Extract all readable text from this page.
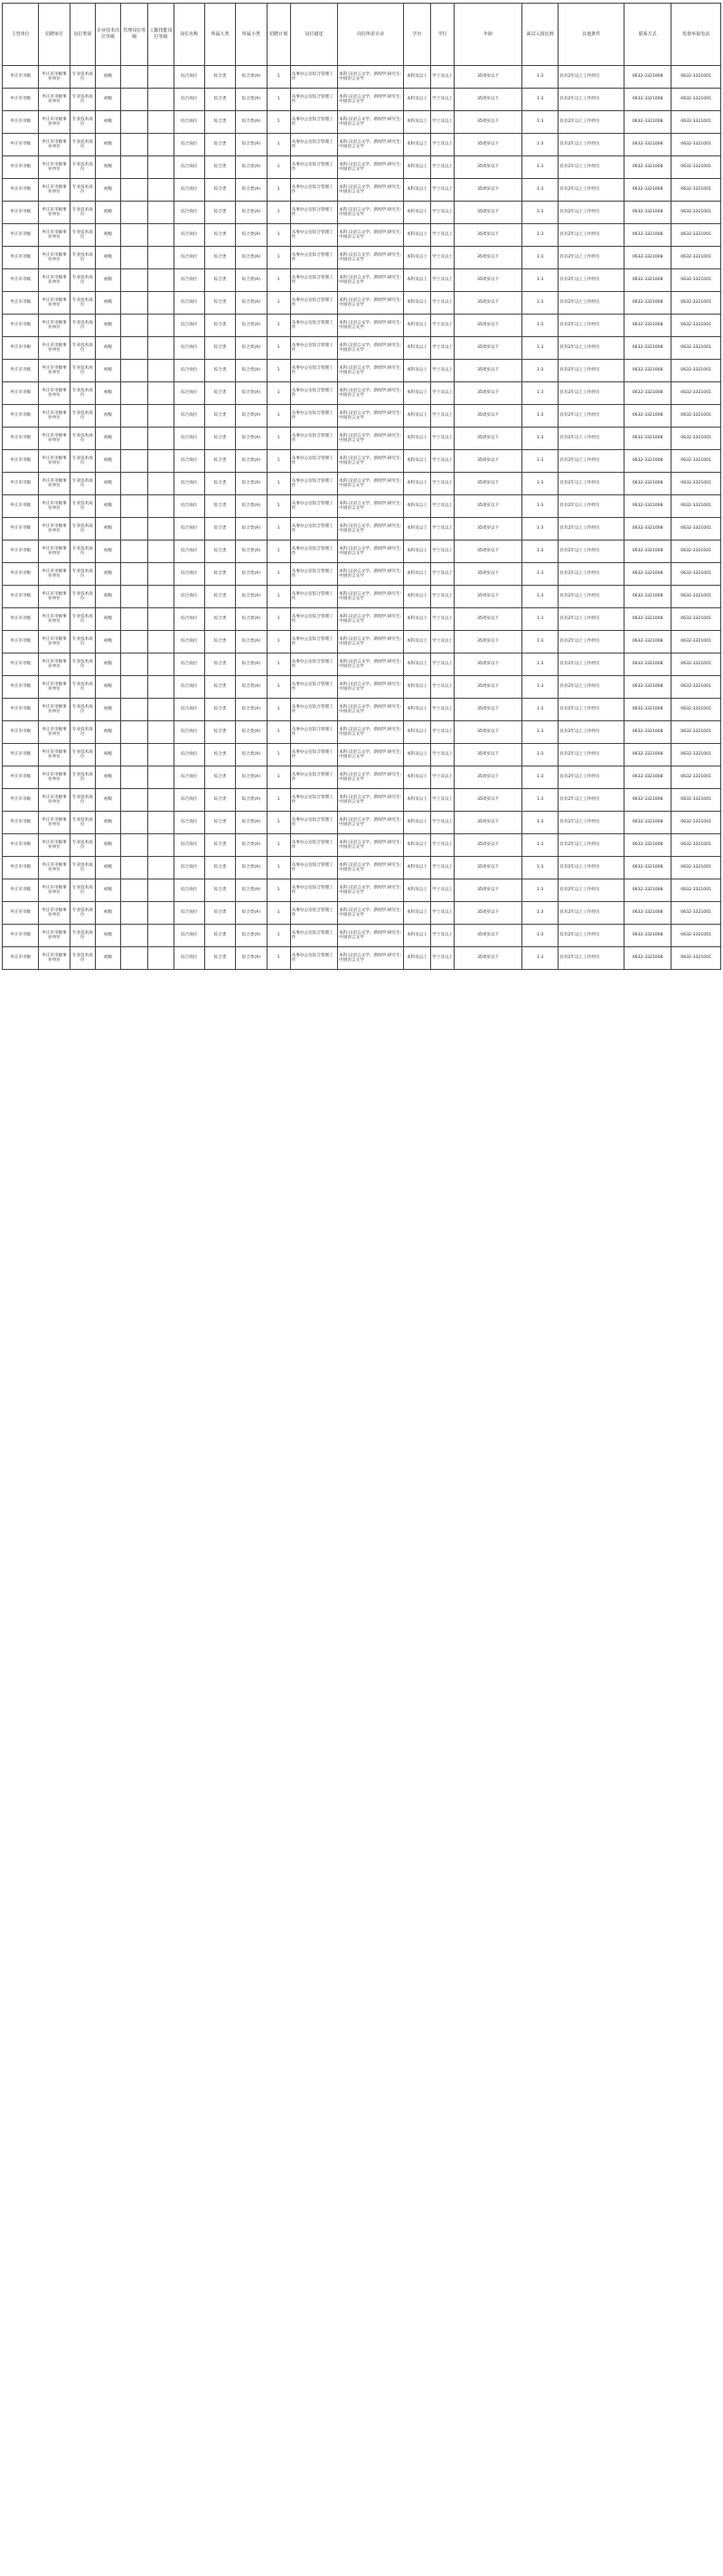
主管单位	招聘单位	岗位类别	专业技术岗位等级	管理岗位等级	工勤技能岗位等级	岗位名称	所属大类	所属小类	招聘计划	岗位描述	岗位所需专业	学历	学位	年龄	面试入围比例	其他条件	联系方式	监督举报电话
枣庄市市级	枣庄市市级事业单位	专业技术岗位	初级			综合岗位	综合类	综合类(A)	1	从事办公室综合管理工作	本科:汉语言文学、新闻学;研究生:中国语言文学	本科及以上	学士及以上	35周岁以下	1:3	具有2年以上工作经历	0632-3321008	0632-3321001
枣庄市市级	枣庄市市级事业单位	专业技术岗位	初级			综合岗位	综合类	综合类(A)	1	从事办公室综合管理工作	本科:汉语言文学、新闻学;研究生:中国语言文学	本科及以上	学士及以上	35周岁以下	1:3	具有2年以上工作经历	0632-3321008	0632-3321001
枣庄市市级	枣庄市市级事业单位	专业技术岗位	初级			综合岗位	综合类	综合类(A)	1	从事办公室综合管理工作	本科:汉语言文学、新闻学;研究生:中国语言文学	本科及以上	学士及以上	35周岁以下	1:3	具有2年以上工作经历	0632-3321008	0632-3321001
枣庄市市级	枣庄市市级事业单位	专业技术岗位	初级			综合岗位	综合类	综合类(A)	1	从事办公室综合管理工作	本科:汉语言文学、新闻学;研究生:中国语言文学	本科及以上	学士及以上	35周岁以下	1:3	具有2年以上工作经历	0632-3321008	0632-3321001
枣庄市市级	枣庄市市级事业单位	专业技术岗位	初级			综合岗位	综合类	综合类(A)	1	从事办公室综合管理工作	本科:汉语言文学、新闻学;研究生:中国语言文学	本科及以上	学士及以上	35周岁以下	1:3	具有2年以上工作经历	0632-3321008	0632-3321001
枣庄市市级	枣庄市市级事业单位	专业技术岗位	初级			综合岗位	综合类	综合类(A)	1	从事办公室综合管理工作	本科:汉语言文学、新闻学;研究生:中国语言文学	本科及以上	学士及以上	35周岁以下	1:3	具有2年以上工作经历	0632-3321008	0632-3321001
枣庄市市级	枣庄市市级事业单位	专业技术岗位	初级			综合岗位	综合类	综合类(A)	1	从事办公室综合管理工作	本科:汉语言文学、新闻学;研究生:中国语言文学	本科及以上	学士及以上	35周岁以下	1:3	具有2年以上工作经历	0632-3321008	0632-3321001
枣庄市市级	枣庄市市级事业单位	专业技术岗位	初级			综合岗位	综合类	综合类(A)	1	从事办公室综合管理工作	本科:汉语言文学、新闻学;研究生:中国语言文学	本科及以上	学士及以上	35周岁以下	1:3	具有2年以上工作经历	0632-3321008	0632-3321001
枣庄市市级	枣庄市市级事业单位	专业技术岗位	初级			综合岗位	综合类	综合类(A)	1	从事办公室综合管理工作	本科:汉语言文学、新闻学;研究生:中国语言文学	本科及以上	学士及以上	35周岁以下	1:3	具有2年以上工作经历	0632-3321008	0632-3321001
枣庄市市级	枣庄市市级事业单位	专业技术岗位	初级			综合岗位	综合类	综合类(A)	1	从事办公室综合管理工作	本科:汉语言文学、新闻学;研究生:中国语言文学	本科及以上	学士及以上	35周岁以下	1:3	具有2年以上工作经历	0632-3321008	0632-3321001
枣庄市市级	枣庄市市级事业单位	专业技术岗位	初级			综合岗位	综合类	综合类(A)	1	从事办公室综合管理工作	本科:汉语言文学、新闻学;研究生:中国语言文学	本科及以上	学士及以上	35周岁以下	1:3	具有2年以上工作经历	0632-3321008	0632-3321001
枣庄市市级	枣庄市市级事业单位	专业技术岗位	初级			综合岗位	综合类	综合类(A)	1	从事办公室综合管理工作	本科:汉语言文学、新闻学;研究生:中国语言文学	本科及以上	学士及以上	35周岁以下	1:3	具有2年以上工作经历	0632-3321008	0632-3321001
枣庄市市级	枣庄市市级事业单位	专业技术岗位	初级			综合岗位	综合类	综合类(A)	1	从事办公室综合管理工作	本科:汉语言文学、新闻学;研究生:中国语言文学	本科及以上	学士及以上	35周岁以下	1:3	具有2年以上工作经历	0632-3321008	0632-3321001
枣庄市市级	枣庄市市级事业单位	专业技术岗位	初级			综合岗位	综合类	综合类(A)	1	从事办公室综合管理工作	本科:汉语言文学、新闻学;研究生:中国语言文学	本科及以上	学士及以上	35周岁以下	1:3	具有2年以上工作经历	0632-3321008	0632-3321001
枣庄市市级	枣庄市市级事业单位	专业技术岗位	初级			综合岗位	综合类	综合类(A)	1	从事办公室综合管理工作	本科:汉语言文学、新闻学;研究生:中国语言文学	本科及以上	学士及以上	35周岁以下	1:3	具有2年以上工作经历	0632-3321008	0632-3321001
枣庄市市级	枣庄市市级事业单位	专业技术岗位	初级			综合岗位	综合类	综合类(A)	1	从事办公室综合管理工作	本科:汉语言文学、新闻学;研究生:中国语言文学	本科及以上	学士及以上	35周岁以下	1:3	具有2年以上工作经历	0632-3321008	0632-3321001
枣庄市市级	枣庄市市级事业单位	专业技术岗位	初级			综合岗位	综合类	综合类(A)	1	从事办公室综合管理工作	本科:汉语言文学、新闻学;研究生:中国语言文学	本科及以上	学士及以上	35周岁以下	1:3	具有2年以上工作经历	0632-3321008	0632-3321001
枣庄市市级	枣庄市市级事业单位	专业技术岗位	初级			综合岗位	综合类	综合类(A)	1	从事办公室综合管理工作	本科:汉语言文学、新闻学;研究生:中国语言文学	本科及以上	学士及以上	35周岁以下	1:3	具有2年以上工作经历	0632-3321008	0632-3321001
枣庄市市级	枣庄市市级事业单位	专业技术岗位	初级			综合岗位	综合类	综合类(A)	1	从事办公室综合管理工作	本科:汉语言文学、新闻学;研究生:中国语言文学	本科及以上	学士及以上	35周岁以下	1:3	具有2年以上工作经历	0632-3321008	0632-3321001
枣庄市市级	枣庄市市级事业单位	专业技术岗位	初级			综合岗位	综合类	综合类(A)	1	从事办公室综合管理工作	本科:汉语言文学、新闻学;研究生:中国语言文学	本科及以上	学士及以上	35周岁以下	1:3	具有2年以上工作经历	0632-3321008	0632-3321001
枣庄市市级	枣庄市市级事业单位	专业技术岗位	初级			综合岗位	综合类	综合类(A)	1	从事办公室综合管理工作	本科:汉语言文学、新闻学;研究生:中国语言文学	本科及以上	学士及以上	35周岁以下	1:3	具有2年以上工作经历	0632-3321008	0632-3321001
枣庄市市级	枣庄市市级事业单位	专业技术岗位	初级			综合岗位	综合类	综合类(A)	1	从事办公室综合管理工作	本科:汉语言文学、新闻学;研究生:中国语言文学	本科及以上	学士及以上	35周岁以下	1:3	具有2年以上工作经历	0632-3321008	0632-3321001
枣庄市市级	枣庄市市级事业单位	专业技术岗位	初级			综合岗位	综合类	综合类(A)	1	从事办公室综合管理工作	本科:汉语言文学、新闻学;研究生:中国语言文学	本科及以上	学士及以上	35周岁以下	1:3	具有2年以上工作经历	0632-3321008	0632-3321001
枣庄市市级	枣庄市市级事业单位	专业技术岗位	初级			综合岗位	综合类	综合类(A)	1	从事办公室综合管理工作	本科:汉语言文学、新闻学;研究生:中国语言文学	本科及以上	学士及以上	35周岁以下	1:3	具有2年以上工作经历	0632-3321008	0632-3321001
枣庄市市级	枣庄市市级事业单位	专业技术岗位	初级			综合岗位	综合类	综合类(A)	1	从事办公室综合管理工作	本科:汉语言文学、新闻学;研究生:中国语言文学	本科及以上	学士及以上	35周岁以下	1:3	具有2年以上工作经历	0632-3321008	0632-3321001
枣庄市市级	枣庄市市级事业单位	专业技术岗位	初级			综合岗位	综合类	综合类(A)	1	从事办公室综合管理工作	本科:汉语言文学、新闻学;研究生:中国语言文学	本科及以上	学士及以上	35周岁以下	1:3	具有2年以上工作经历	0632-3321008	0632-3321001
枣庄市市级	枣庄市市级事业单位	专业技术岗位	初级			综合岗位	综合类	综合类(A)	1	从事办公室综合管理工作	本科:汉语言文学、新闻学;研究生:中国语言文学	本科及以上	学士及以上	35周岁以下	1:3	具有2年以上工作经历	0632-3321008	0632-3321001
枣庄市市级	枣庄市市级事业单位	专业技术岗位	初级			综合岗位	综合类	综合类(A)	1	从事办公室综合管理工作	本科:汉语言文学、新闻学;研究生:中国语言文学	本科及以上	学士及以上	35周岁以下	1:3	具有2年以上工作经历	0632-3321008	0632-3321001
枣庄市市级	枣庄市市级事业单位	专业技术岗位	初级			综合岗位	综合类	综合类(A)	1	从事办公室综合管理工作	本科:汉语言文学、新闻学;研究生:中国语言文学	本科及以上	学士及以上	35周岁以下	1:3	具有2年以上工作经历	0632-3321008	0632-3321001
枣庄市市级	枣庄市市级事业单位	专业技术岗位	初级			综合岗位	综合类	综合类(A)	1	从事办公室综合管理工作	本科:汉语言文学、新闻学;研究生:中国语言文学	本科及以上	学士及以上	35周岁以下	1:3	具有2年以上工作经历	0632-3321008	0632-3321001
枣庄市市级	枣庄市市级事业单位	专业技术岗位	初级			综合岗位	综合类	综合类(A)	1	从事办公室综合管理工作	本科:汉语言文学、新闻学;研究生:中国语言文学	本科及以上	学士及以上	35周岁以下	1:3	具有2年以上工作经历	0632-3321008	0632-3321001
枣庄市市级	枣庄市市级事业单位	专业技术岗位	初级			综合岗位	综合类	综合类(A)	1	从事办公室综合管理工作	本科:汉语言文学、新闻学;研究生:中国语言文学	本科及以上	学士及以上	35周岁以下	1:3	具有2年以上工作经历	0632-3321008	0632-3321001
枣庄市市级	枣庄市市级事业单位	专业技术岗位	初级			综合岗位	综合类	综合类(A)	1	从事办公室综合管理工作	本科:汉语言文学、新闻学;研究生:中国语言文学	本科及以上	学士及以上	35周岁以下	1:3	具有2年以上工作经历	0632-3321008	0632-3321001
枣庄市市级	枣庄市市级事业单位	专业技术岗位	初级			综合岗位	综合类	综合类(A)	1	从事办公室综合管理工作	本科:汉语言文学、新闻学;研究生:中国语言文学	本科及以上	学士及以上	35周岁以下	1:3	具有2年以上工作经历	0632-3321008	0632-3321001
枣庄市市级	枣庄市市级事业单位	专业技术岗位	初级			综合岗位	综合类	综合类(A)	1	从事办公室综合管理工作	本科:汉语言文学、新闻学;研究生:中国语言文学	本科及以上	学士及以上	35周岁以下	1:3	具有2年以上工作经历	0632-3321008	0632-3321001
枣庄市市级	枣庄市市级事业单位	专业技术岗位	初级			综合岗位	综合类	综合类(A)	1	从事办公室综合管理工作	本科:汉语言文学、新闻学;研究生:中国语言文学	本科及以上	学士及以上	35周岁以下	1:3	具有2年以上工作经历	0632-3321008	0632-3321001
枣庄市市级	枣庄市市级事业单位	专业技术岗位	初级			综合岗位	综合类	综合类(A)	1	从事办公室综合管理工作	本科:汉语言文学、新闻学;研究生:中国语言文学	本科及以上	学士及以上	35周岁以下	1:3	具有2年以上工作经历	0632-3321008	0632-3321001
枣庄市市级	枣庄市市级事业单位	专业技术岗位	初级			综合岗位	综合类	综合类(A)	1	从事办公室综合管理工作	本科:汉语言文学、新闻学;研究生:中国语言文学	本科及以上	学士及以上	35周岁以下	1:3	具有2年以上工作经历	0632-3321008	0632-3321001
枣庄市市级	枣庄市市级事业单位	专业技术岗位	初级			综合岗位	综合类	综合类(A)	1	从事办公室综合管理工作	本科:汉语言文学、新闻学;研究生:中国语言文学	本科及以上	学士及以上	35周岁以下	1:3	具有2年以上工作经历	0632-3321008	0632-3321001
枣庄市市级	枣庄市市级事业单位	专业技术岗位	初级			综合岗位	综合类	综合类(A)	1	从事办公室综合管理工作	本科:汉语言文学、新闻学;研究生:中国语言文学	本科及以上	学士及以上	35周岁以下	1:3	具有2年以上工作经历	0632-3321008	0632-3321001
